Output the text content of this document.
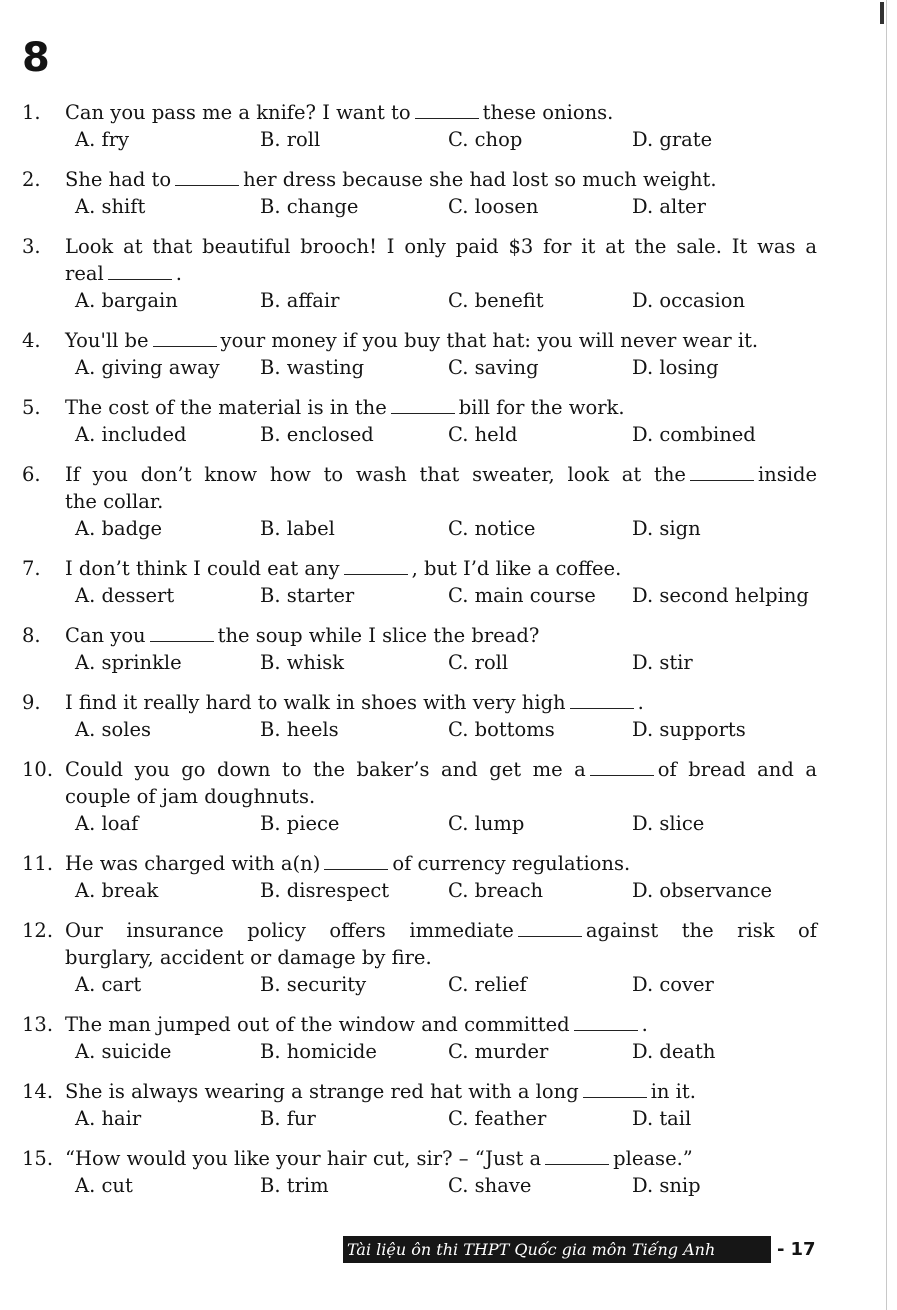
8
1. Can you pass me a knife? I want to	these onions.
A. fry	B. roll	C. chop	D. grate
2. She had to	her dress because she had lost so much weight.
A. shift	B. change	C. loosen	D. alter
3. Look at that beautiful brooch! I only paid $3 for it at the sale. It was a
real	.
A. bargain	B. affair	C. benefit	D. occasion
4. You'll be	your money if you buy that hat: you will never wear it.
A. giving away B. wasting	C. saving	D. losing
5. The cost of the material is in the	bill for the work.
A. included	B. enclosed	C. held	D. combined
6. If you don’t know how to wash that sweater, look at the	inside
the collar.
A. badge	B. label	C. notice	D. sign
7. I don’t think I could eat any	, but I’d like a coffee.
A. dessert	B. starter	C. main course D. second helping
8. Can you	the soup while I slice the bread?
A. sprinkle	B. whisk	C. roll	D. stir
9. I find it really hard to walk in shoes with very high	.
A. soles	B. heels	C. bottoms	D. supports
10. Could you go down to the baker’s and get me a	of bread and a
couple of jam doughnuts.
A. loaf	B. piece	C. lump	D. slice
11. He was charged with a(n)	of currency regulations.
A. break	B. disrespect	C. breach	D. observance
12. Our insurance policy offers immediate	against the risk of
burglary, accident or damage by fire.
A. cart	B. security	C. relief	D. cover
13. The man jumped out of the window and committed	.
A. suicide	B. homicide	C. murder	D. death
14. She is always wearing a strange red hat with a long	in it.
A. hair	B. fur	C. feather	D. tail
15. “How would you like your hair cut, sir? – “Just a	please.”
A. cut	B. trim	C. shave	D. snip
Tài liệu ôn thi THPT Quốc gia môn Tiếng Anh	- 17
